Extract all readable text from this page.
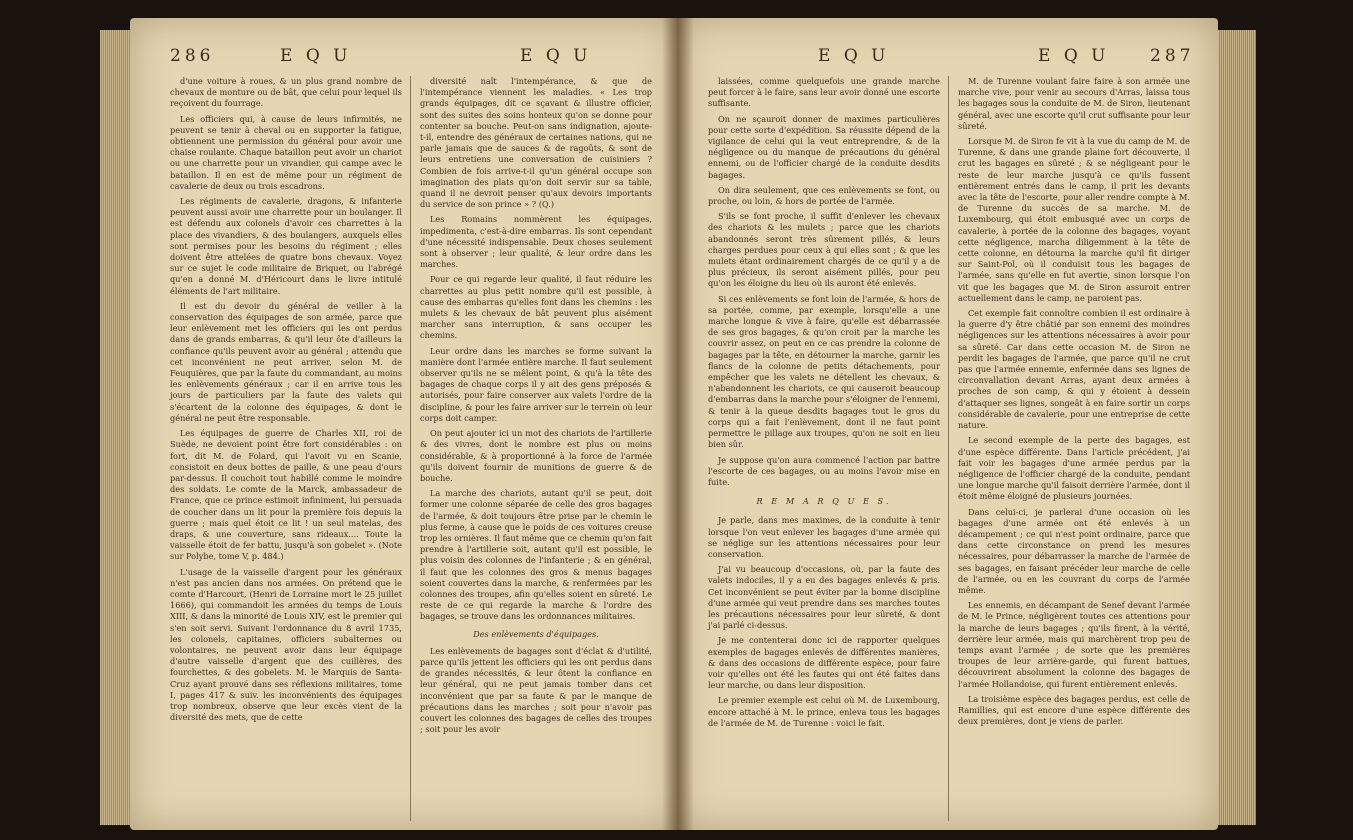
286	E Q U	E Q U

d'une voiture à roues, & un plus grand nombre de chevaux de monture ou de bât, que celui pour lequel ils reçoivent du fourrage.

Les officiers qui, à cause de leurs infirmités, ne peuvent se tenir à cheval ou en supporter la fatigue, obtiennent une permission du général pour avoir une chaise roulante. Chaque bataillon peut avoir un chariot ou une charrette pour un vivandier, qui campe avec le bataillon. Il en est de même pour un régiment de cavalerie de deux ou trois escadrons.

Les régiments de cavalerie, dragons, & infanterie peuvent aussi avoir une charrette pour un boulanger. Il est défendu aux colonels d'avoir ces charrettes à la place des vivandiers, & des boulangers, auxquels elles sont permises pour les besoins du régiment ; elles doivent être attelées de quatre bons chevaux. Voyez sur ce sujet le code militaire de Briquet, ou l'abrégé qu'en a donné M. d'Héricourt dans le livre intitulé éléments de l'art militaire.

Il est du devoir du général de veiller à la conservation des équipages de son armée, parce que leur enlèvement met les officiers qui les ont perdus dans de grands embarras, & qu'il leur ôte d'ailleurs la confiance qu'ils peuvent avoir au général ; attendu que cet inconvénient ne peut arriver, selon M. de Feuquières, que par la faute du commandant, au moins les enlèvements généraux ; car il en arrive tous les jours de particuliers par la faute des valets qui s'écartent de la colonne des équipages, & dont le général ne peut être responsable.

Les équipages de guerre de Charles XII, roi de Suède, ne devoient point être fort considérables : on fort, dit M. de Folard, qui l'avoit vu en Scanie, consistoit en deux bottes de paille, & une peau d'ours par-dessus. Il couchoit tout habillé comme le moindre des soldats. Le comte de la Marck, ambassadeur de France, que ce prince estimoit infiniment, lui persuada de coucher dans un lit pour la première fois depuis la guerre ; mais quel étoit ce lit ! un seul matelas, des draps, & une couverture, sans rideaux.... Toute la vaisselle étoit de fer battu, jusqu'à son gobelet ». (Note sur Polybe, tome V, p. 484.)

L'usage de la vaisselle d'argent pour les généraux n'est pas ancien dans nos armées. On prétend que le comte d'Harcourt, (Henri de Lorraine mort le 25 juillet 1666), qui commandoit les armées du temps de Louis XIII, & dans la minorité de Louis XIV, est le premier qui s'en soit servi. Suivant l'ordonnance du 8 avril 1735, les colonels, capitaines, officiers subalternes ou volontaires, ne peuvent avoir dans leur équipage d'autre vaisselle d'argent que des cuillères, des fourchettes, & des gobelets. M. le Marquis de Santa-Cruz ayant prouvé dans ses réflexions militaires, tome I, pages 417 & suiv. les inconvénients des équipages trop nombreux, observe que leur excès vient de la diversité des mets, que de cette

diversité naît l'intempérance, & que de l'intempérance viennent les maladies. « Les trop grands équipages, dit ce sçavant & illustre officier, sont des suites des soins honteux qu'on se donne pour contenter sa bouche. Peut-on sans indignation, ajoute-t-il, entendre des généraux de certaines nations, qui ne parle jamais que de sauces & de ragoûts, & sont de leurs entretiens une conversation de cuisiniers ? Combien de fois arrive-t-il qu'un général occupe son imagination des plats qu'on doit servir sur sa table, quand il ne devroit penser qu'aux devoirs importants du service de son prince » ? (Q.)

Les Romains nommèrent les équipages, impedimenta, c'est-à-dire embarras. Ils sont cependant d'une nécessité indispensable. Deux choses seulement sont à observer ; leur qualité, & leur ordre dans les marches.

Pour ce qui regarde leur qualité, il faut réduire les charrettes au plus petit nombre qu'il est possible, à cause des embarras qu'elles font dans les chemins : les mulets & les chevaux de bât peuvent plus aisément marcher sans interruption, & sans occuper les chemins.

Leur ordre dans les marches se forme suivant la manière dont l'armée entière marche. Il faut seulement observer qu'ils ne se mêlent point, & qu'à la tête des bagages de chaque corps il y ait des gens préposés & autorisés, pour faire conserver aux valets l'ordre de la discipline, & pour les faire arriver sur le terrein où leur corps doit camper.

On peut ajouter ici un mot des chariots de l'artillerie & des vivres, dont le nombre est plus ou moins considérable, & à proportionné à la force de l'armée qu'ils doivent fournir de munitions de guerre & de bouche.

La marche des chariots, autant qu'il se peut, doit former une colonne séparée de celle des gros bagages de l'armée, & doit toujours être prise par le chemin le plus ferme, à cause que le poids de ces voitures creuse trop les ornières. Il faut même que ce chemin qu'on fait prendre à l'artillerie soit, autant qu'il est possible, le plus voisin des colonnes de l'infanterie ; & en général, il faut que les colonnes des gros & menus bagages soient couvertes dans la marche, & renfermées par les colonnes des troupes, afin qu'elles soient en sûreté. Le reste de ce qui regarde la marche & l'ordre des bagages, se trouve dans les ordonnances militaires.

Des enlèvements d'équipages.

Les enlèvements de bagages sont d'éclat & d'utilité, parce qu'ils jettent les officiers qui les ont perdus dans de grandes nécessités, & leur ôtent la confiance en leur général, qui ne peut jamais tomber dans cet inconvénient que par sa faute & par le manque de précautions dans les marches ; soit pour n'avoir pas couvert les colonnes des bagages de celles des troupes ; soit pour les avoir

E Q U	E Q U 287

laissées, comme quelquefois une grande marche peut forcer à le faire, sans leur avoir donné une escorte suffisante.

On ne sçauroit donner de maximes particulières pour cette sorte d'expédition. Sa réussite dépend de la vigilance de celui qui la veut entreprendre, & de la négligence ou du manque de précautions du général ennemi, ou de l'officier chargé de la conduite desdits bagages.

On dira seulement, que ces enlèvements se font, ou proche, ou loin, & hors de portée de l'armée.

S'ils se font proche, il suffit d'enlever les chevaux des chariots & les mulets ; parce que les chariots abandonnés seront très sûrement pillés, & leurs charges perdues pour ceux à qui elles sont ; & que les mulets étant ordinairement chargés de ce qu'il y a de plus précieux, ils seront aisément pillés, pour peu qu'on les éloigne du lieu où ils auront été enlevés.

Si ces enlèvements se font loin de l'armée, & hors de sa portée, comme, par exemple, lorsqu'elle a une marche longue & vive à faire, qu'elle est débarrassée de ses gros bagages, & qu'on croit par la marche les couvrir assez, on peut en ce cas prendre la colonne de bagages par la tête, en détourner la marche, garnir les flancs de la colonne de petits détachements, pour empêcher que les valets ne détellent les chevaux, & n'abandonnent les chariots, ce qui causeroit beaucoup d'embarras dans la marche pour s'éloigner de l'ennemi, & tenir à la queue desdits bagages tout le gros du corps qui a fait l'enlèvement, dont il ne faut point permettre le pillage aux troupes, qu'on ne soit en lieu bien sûr.

Je suppose qu'on aura commencé l'action par battre l'escorte de ces bagages, ou au moins l'avoir mise en fuite.

R E M A R Q U E S.

Je parle, dans mes maximes, de la conduite à tenir lorsque l'on veut enlever les bagages d'une armée qui se néglige sur les attentions nécessaires pour leur conservation.

J'ai vu beaucoup d'occasions, où, par la faute des valets indociles, il y a eu des bagages enlevés & pris. Cet inconvénient se peut éviter par la bonne discipline d'une armée qui veut prendre dans ses marches toutes les précautions nécessaires pour leur sûreté, & dont j'ai parlé ci-dessus.

Je me contenterai donc ici de rapporter quelques exemples de bagages enlevés de différentes manières, & dans des occasions de différente espèce, pour faire voir qu'elles ont été les fautes qui ont été faites dans leur marche, ou dans leur disposition.

Le premier exemple est celui où M. de Luxembourg, encore attaché à M. le prince, enleva tous les bagages de l'armée de M. de Turenne : voici le fait.

M. de Turenne voulant faire faire à son armée une marche vive, pour venir au secours d'Arras, laissa tous les bagages sous la conduite de M. de Siron, lieutenant général, avec une escorte qu'il crut suffisante pour leur sûreté.

Lorsque M. de Siron fe vit à la vue du camp de M. de Turenne, & dans une grande plaine fort découverte, il crut les bagages en sûreté ; & se négligeant pour le reste de leur marche jusqu'à ce qu'ils fussent entièrement entrés dans le camp, il prit les devants avec la tête de l'escorte, pour aller rendre compte à M. de Turenne du succès de sa marche. M. de Luxembourg, qui étoit embusqué avec un corps de cavalerie, à portée de la colonne des bagages, voyant cette négligence, marcha diligemment à la tête de cette colonne, en détourna la marche qu'il fit diriger sur Saint-Pol, où il conduisit tous les bagages de l'armée, sans qu'elle en fut avertie, sinon lorsque l'on vit que les bagages que M. de Siron assuroit entrer actuellement dans le camp, ne paroient pas.

Cet exemple fait connoître combien il est ordinaire à la guerre d'y être châtié par son ennemi des moindres négligences sur les attentions nécessaires à avoir pour sa sûreté. Car dans cette occasion M. de Siron ne perdit les bagages de l'armée, que parce qu'il ne crut pas que l'armée ennemie, enfermée dans ses lignes de circonvallation devant Arras, ayant deux armées à proches de son camp, & qui y étoient à dessein d'attaquer ses lignes, songeât à en faire sortir un corps considérable de cavalerie, pour une entreprise de cette nature.

Le second exemple de la perte des bagages, est d'une espèce différente. Dans l'article précédent, j'ai fait voir les bagages d'une armée perdus par la négligence de l'officier chargé de la conduite, pendant une longue marche qu'il faisoit derrière l'armée, dont il étoit même éloigné de plusieurs journées.

Dans celui-ci, je parlerai d'une occasion où les bagages d'une armée ont été enlevés à un décampement ; ce qui n'est point ordinaire, parce que dans cette circonstance on prend les mesures nécessaires, pour débarrasser la marche de l'armée de ses bagages, en faisant précéder leur marche de celle de l'armée, ou en les couvrant du corps de l'armée même.

Les ennemis, en décampant de Senef devant l'armée de M. le Prince, négligèrent toutes ces attentions pour la marche de leurs bagages ; qu'ils firent, à la vérité, derrière leur armée, mais qui marchèrent trop peu de temps avant l'armée ; de sorte que les premières troupes de leur arrière-garde, qui furent battues, découvrirent absolument la colonne des bagages de l'armée Hollandoise, qui furent entièrement enlevés.

La troisième espèce des bagages perdus, est celle de Ramillies, qui est encore d'une espèce différente des deux premières, dont je viens de parler.
